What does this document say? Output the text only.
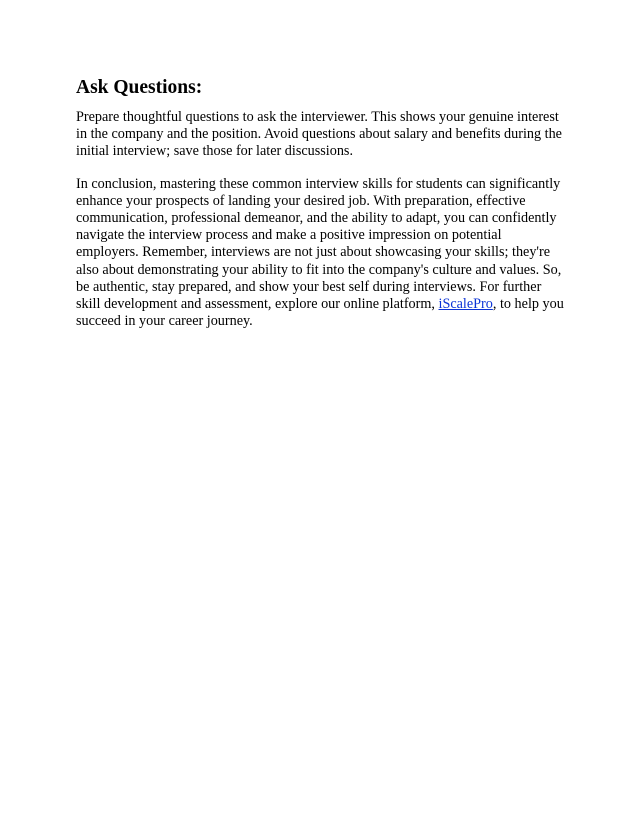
Ask Questions:

Prepare thoughtful questions to ask the interviewer. This shows your genuine interest in the company and the position. Avoid questions about salary and benefits during the initial interview; save those for later discussions.

In conclusion, mastering these common interview skills for students can significantly enhance your prospects of landing your desired job. With preparation, effective communication, professional demeanor, and the ability to adapt, you can confidently navigate the interview process and make a positive impression on potential employers. Remember, interviews are not just about showcasing your skills; they're also about demonstrating your ability to fit into the company's culture and values. So, be authentic, stay prepared, and show your best self during interviews. For further skill development and assessment, explore our online platform, iScalePro, to help you succeed in your career journey.
